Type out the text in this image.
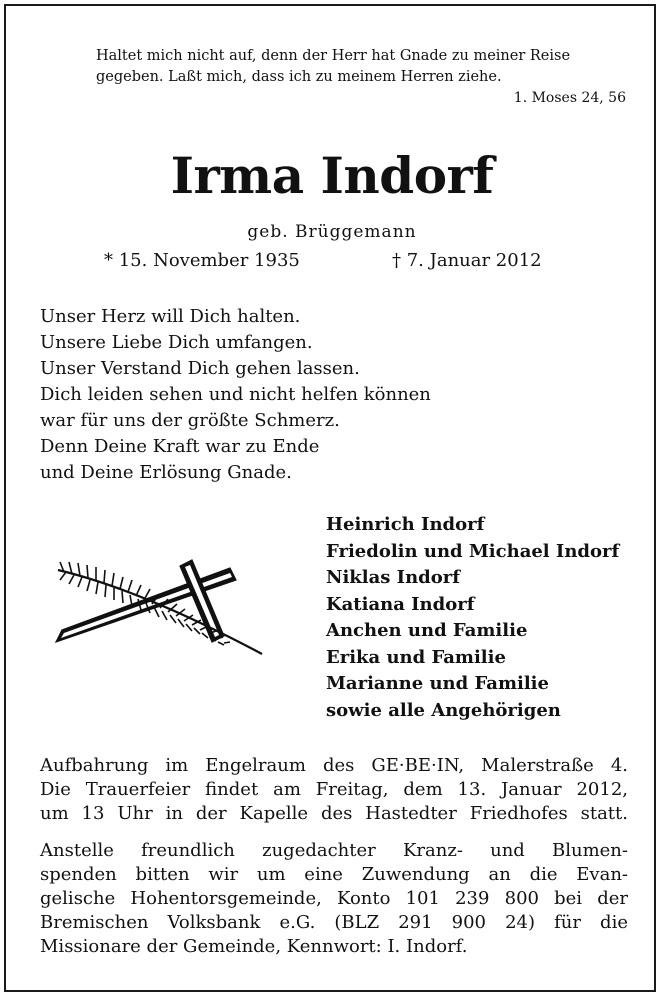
Haltet mich nicht auf, denn der Herr hat Gnade zu meiner Reise
gegeben. Laßt mich, dass ich zu meinem Herren ziehe.
1. Moses 24, 56
Irma Indorf
geb. Brüggemann
* 15. November 1935	† 7. Januar 2012
Unser Herz will Dich halten.
Unsere Liebe Dich umfangen.
Unser Verstand Dich gehen lassen.
Dich leiden sehen und nicht helfen können
war für uns der größte Schmerz.
Denn Deine Kraft war zu Ende
und Deine Erlösung Gnade.
Heinrich Indorf
Friedolin und Michael Indorf
Niklas Indorf
Katiana Indorf
Anchen und Familie
Erika und Familie
Marianne und Familie
sowie alle Angehörigen

Aufbahrung im Engelraum des GE·BE·IN, Malerstraße 4.
Die Trauerfeier findet am Freitag, dem 13. Januar 2012,
um 13 Uhr in der Kapelle des Hastedter Friedhofes statt.

Anstelle freundlich zugedachter Kranz- und Blumen-
spenden bitten wir um eine Zuwendung an die Evan-
gelische Hohentorsgemeinde, Konto 101 239 800 bei der
Bremischen Volksbank e.G. (BLZ 291 900 24) für die
Missionare der Gemeinde, Kennwort: I. Indorf.
